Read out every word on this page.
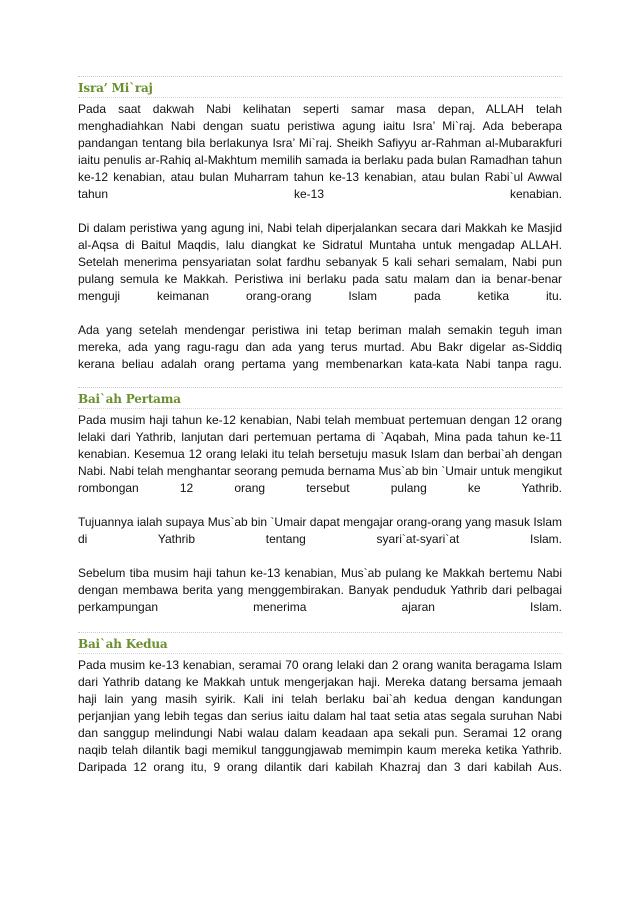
Isra’ Mi`raj

Pada saat dakwah Nabi kelihatan seperti samar masa depan, ALLAH telah menghadiahkan Nabi dengan suatu peristiwa agung iaitu Isra’ Mi`raj. Ada beberapa pandangan tentang bila berlakunya Isra’ Mi`raj. Sheikh Safiyyu ar-Rahman al-Mubarakfuri iaitu penulis ar-Rahiq al-Makhtum memilih samada ia berlaku pada bulan Ramadhan tahun ke-12 kenabian, atau bulan Muharram tahun ke-13 kenabian, atau bulan Rabi`ul Awwal tahun ke-13 kenabian.

Di dalam peristiwa yang agung ini, Nabi telah diperjalankan secara dari Makkah ke Masjid al-Aqsa di Baitul Maqdis, lalu diangkat ke Sidratul Muntaha untuk mengadap ALLAH. Setelah menerima pensyariatan solat fardhu sebanyak 5 kali sehari semalam, Nabi pun pulang semula ke Makkah. Peristiwa ini berlaku pada satu malam dan ia benar-benar menguji keimanan orang-orang Islam pada ketika itu.

Ada yang setelah mendengar peristiwa ini tetap beriman malah semakin teguh iman mereka, ada yang ragu-ragu dan ada yang terus murtad. Abu Bakr digelar as-Siddiq kerana beliau adalah orang pertama yang membenarkan kata-kata Nabi tanpa ragu.

Bai`ah Pertama

Pada musim haji tahun ke-12 kenabian, Nabi telah membuat pertemuan dengan 12 orang lelaki dari Yathrib, lanjutan dari pertemuan pertama di `Aqabah, Mina pada tahun ke-11 kenabian. Kesemua 12 orang lelaki itu telah bersetuju masuk Islam dan berbai`ah dengan Nabi. Nabi telah menghantar seorang pemuda bernama Mus`ab bin `Umair untuk mengikut rombongan 12 orang tersebut pulang ke Yathrib.

Tujuannya ialah supaya Mus`ab bin `Umair dapat mengajar orang-orang yang masuk Islam di Yathrib tentang syari`at-syari`at Islam.

Sebelum tiba musim haji tahun ke-13 kenabian, Mus`ab pulang ke Makkah bertemu Nabi dengan membawa berita yang menggembirakan. Banyak penduduk Yathrib dari pelbagai perkampungan menerima ajaran Islam.

Bai`ah Kedua

Pada musim ke-13 kenabian, seramai 70 orang lelaki dan 2 orang wanita beragama Islam dari Yathrib datang ke Makkah untuk mengerjakan haji. Mereka datang bersama jemaah haji lain yang masih syirik. Kali ini telah berlaku bai`ah kedua dengan kandungan perjanjian yang lebih tegas dan serius iaitu dalam hal taat setia atas segala suruhan Nabi dan sanggup melindungi Nabi walau dalam keadaan apa sekali pun. Seramai 12 orang naqib telah dilantik bagi memikul tanggungjawab memimpin kaum mereka ketika Yathrib. Daripada 12 orang itu, 9 orang dilantik dari kabilah Khazraj dan 3 dari kabilah Aus.
